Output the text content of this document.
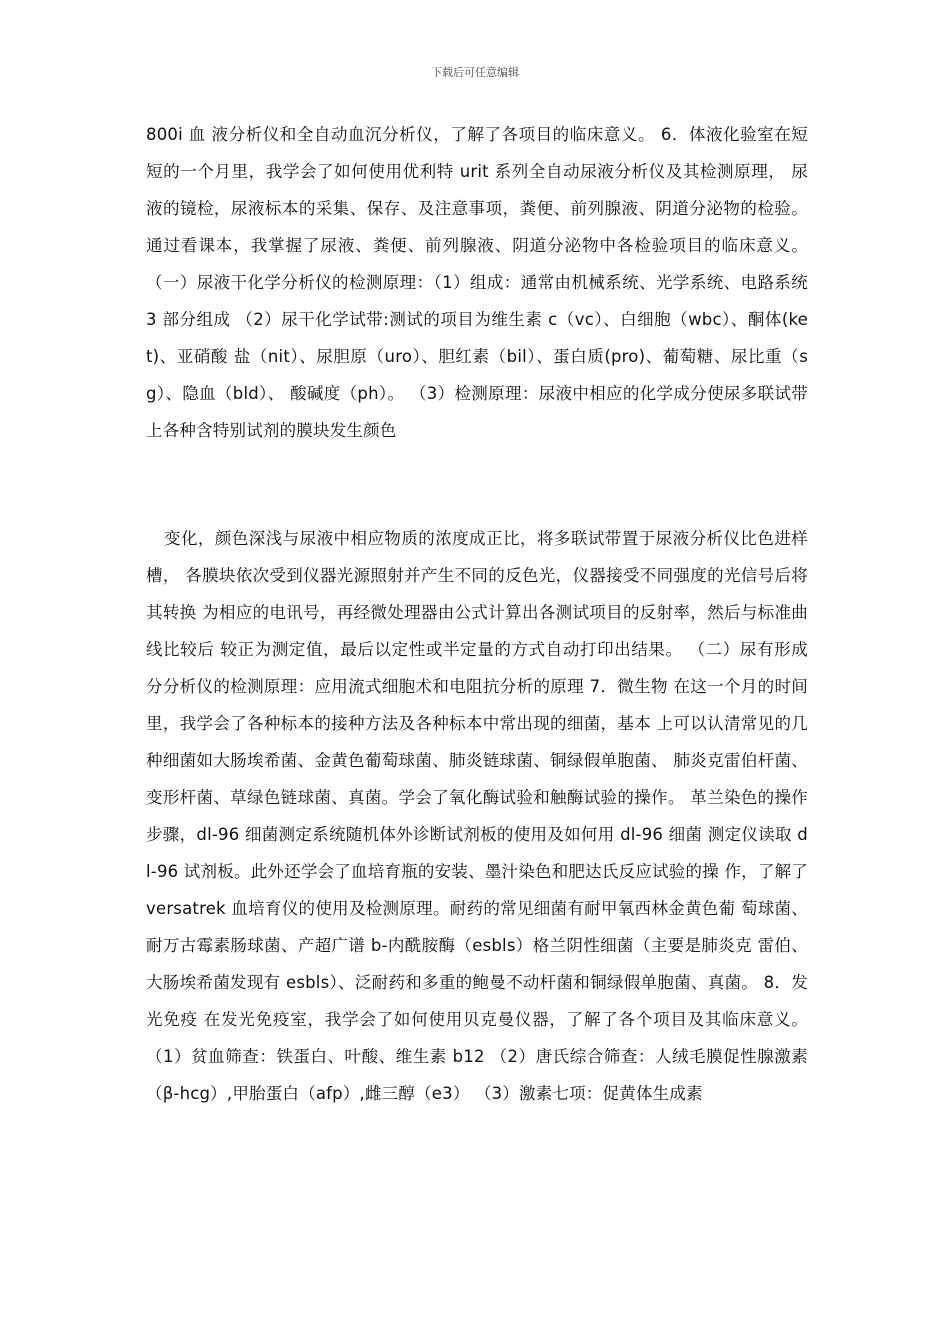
下载后可任意编辑
800i 血 液分析仪和全自动血沉分析仪，了解了各项目的临床意义。 6．体液化验室在短短的一个月里，我学会了如何使用优利特 urit 系列全自动尿液分析仪及其检测原理， 尿液的镜检，尿液标本的采集、保存、及注意事项，粪便、前列腺液、阴道分泌物的检验。 通过看课本，我掌握了尿液、粪便、前列腺液、阴道分泌物中各检验项目的临床意义。 （一）尿液干化学分析仪的检测原理：（1）组成：通常由机械系统、光学系统、电路系统 3 部分组成 （2）尿干化学试带:测试的项目为维生素 c（vc）、白细胞（wbc）、酮体(ket)、亚硝酸 盐（nit）、尿胆原（uro）、胆红素（bil）、蛋白质(pro)、葡萄糖、尿比重（sg）、隐血（bld）、 酸碱度（ph）。 （3）检测原理：尿液中相应的化学成分使尿多联试带上各种含特别试剂的膜块发生颜色
变化，颜色深浅与尿液中相应物质的浓度成正比，将多联试带置于尿液分析仪比色进样槽， 各膜块依次受到仪器光源照射并产生不同的反色光，仪器接受不同强度的光信号后将其转换 为相应的电讯号，再经微处理器由公式计算出各测试项目的反射率，然后与标准曲线比较后 较正为测定值，最后以定性或半定量的方式自动打印出结果。 （二）尿有形成分分析仪的检测原理：应用流式细胞术和电阻抗分析的原理 7．微生物 在这一个月的时间里，我学会了各种标本的接种方法及各种标本中常出现的细菌，基本 上可以认清常见的几种细菌如大肠埃希菌、金黄色葡萄球菌、肺炎链球菌、铜绿假单胞菌、 肺炎克雷伯杆菌、变形杆菌、草绿色链球菌、真菌。学会了氧化酶试验和触酶试验的操作。 革兰染色的操作步骤，dl-96 细菌测定系统随机体外诊断试剂板的使用及如何用 dl-96 细菌 测定仪读取 dl-96 试剂板。此外还学会了血培育瓶的安装、墨汁染色和肥达氏反应试验的操 作，了解了 versatrek 血培育仪的使用及检测原理。耐药的常见细菌有耐甲氧西林金黄色葡 萄球菌、耐万古霉素肠球菌、产超广谱 b-内酰胺酶（esbls）格兰阴性细菌（主要是肺炎克 雷伯、大肠埃希菌发现有 esbls）、泛耐药和多重的鲍曼不动杆菌和铜绿假单胞菌、真菌。 8．发光免疫 在发光免疫室，我学会了如何使用贝克曼仪器，了解了各个项目及其临床意义。 （1）贫血筛查：铁蛋白、叶酸、维生素 b12 （2）唐氏综合筛查：人绒毛膜促性腺激素（β-hcg）,甲胎蛋白（afp）,雌三醇（e3） （3）激素七项：促黄体生成素
